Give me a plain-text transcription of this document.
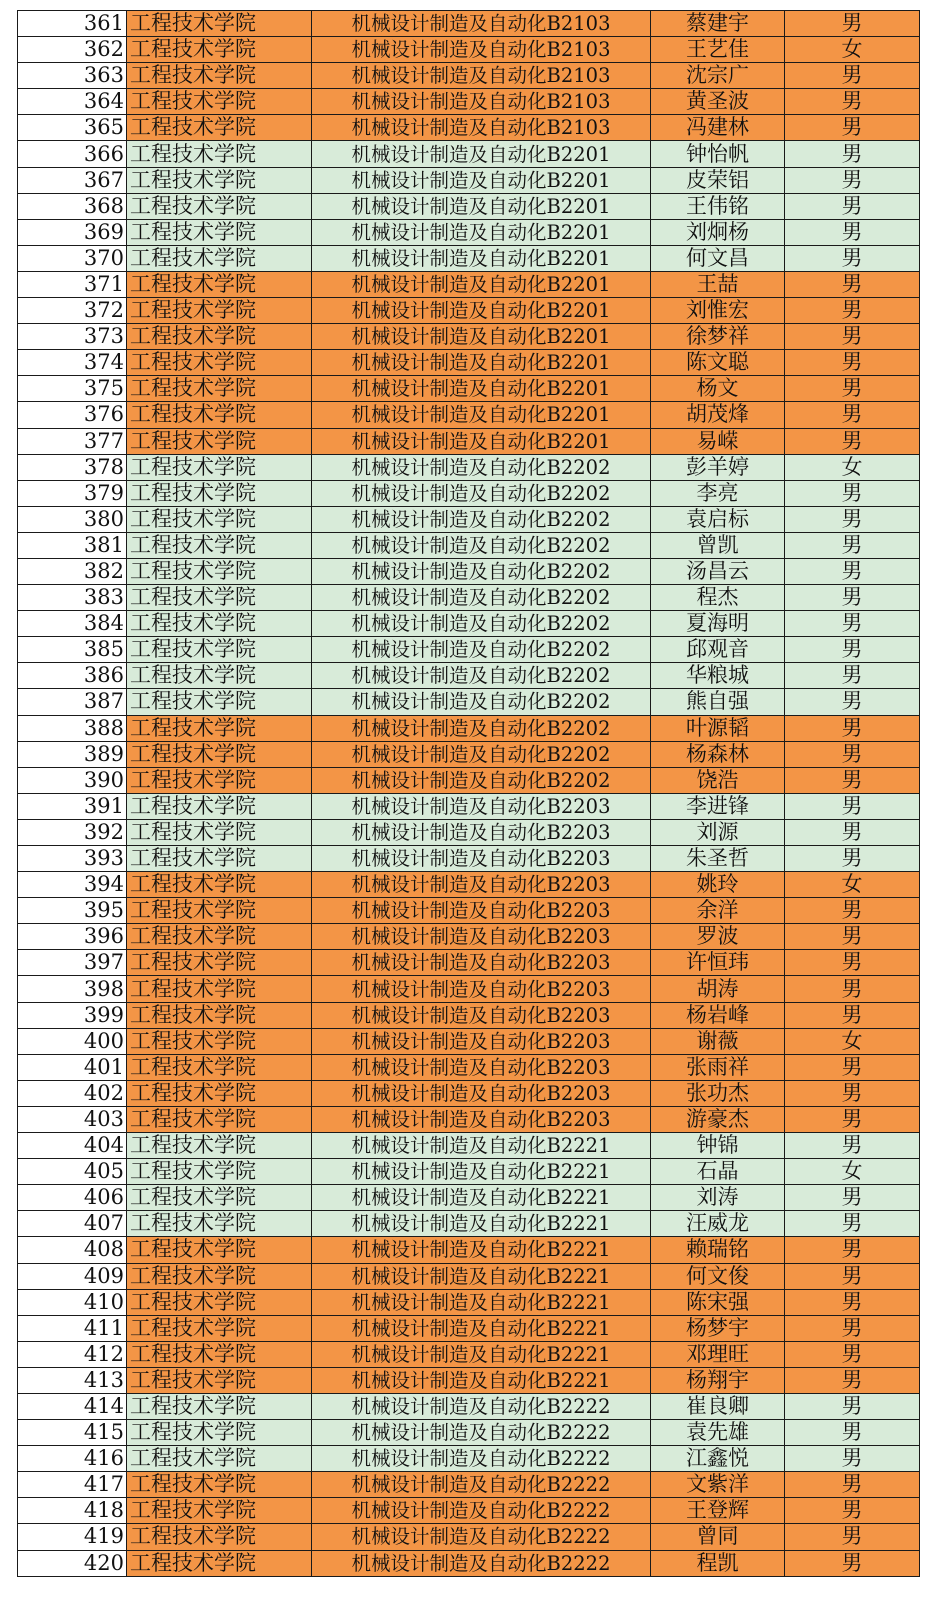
361	工程技术学院	机械设计制造及自动化B2103	蔡建宇	男
362	工程技术学院	机械设计制造及自动化B2103	王艺佳	女
363	工程技术学院	机械设计制造及自动化B2103	沈宗广	男
364	工程技术学院	机械设计制造及自动化B2103	黄圣波	男
365	工程技术学院	机械设计制造及自动化B2103	冯建林	男
366	工程技术学院	机械设计制造及自动化B2201	钟怡帆	男
367	工程技术学院	机械设计制造及自动化B2201	皮荣铝	男
368	工程技术学院	机械设计制造及自动化B2201	王伟铭	男
369	工程技术学院	机械设计制造及自动化B2201	刘炯杨	男
370	工程技术学院	机械设计制造及自动化B2201	何文昌	男
371	工程技术学院	机械设计制造及自动化B2201	王喆	男
372	工程技术学院	机械设计制造及自动化B2201	刘惟宏	男
373	工程技术学院	机械设计制造及自动化B2201	徐梦祥	男
374	工程技术学院	机械设计制造及自动化B2201	陈文聪	男
375	工程技术学院	机械设计制造及自动化B2201	杨文	男
376	工程技术学院	机械设计制造及自动化B2201	胡茂烽	男
377	工程技术学院	机械设计制造及自动化B2201	易嵘	男
378	工程技术学院	机械设计制造及自动化B2202	彭羊婷	女
379	工程技术学院	机械设计制造及自动化B2202	李亮	男
380	工程技术学院	机械设计制造及自动化B2202	袁启标	男
381	工程技术学院	机械设计制造及自动化B2202	曾凯	男
382	工程技术学院	机械设计制造及自动化B2202	汤昌云	男
383	工程技术学院	机械设计制造及自动化B2202	程杰	男
384	工程技术学院	机械设计制造及自动化B2202	夏海明	男
385	工程技术学院	机械设计制造及自动化B2202	邱观音	男
386	工程技术学院	机械设计制造及自动化B2202	华粮城	男
387	工程技术学院	机械设计制造及自动化B2202	熊自强	男
388	工程技术学院	机械设计制造及自动化B2202	叶源韬	男
389	工程技术学院	机械设计制造及自动化B2202	杨森林	男
390	工程技术学院	机械设计制造及自动化B2202	饶浩	男
391	工程技术学院	机械设计制造及自动化B2203	李进锋	男
392	工程技术学院	机械设计制造及自动化B2203	刘源	男
393	工程技术学院	机械设计制造及自动化B2203	朱圣哲	男
394	工程技术学院	机械设计制造及自动化B2203	姚玲	女
395	工程技术学院	机械设计制造及自动化B2203	余洋	男
396	工程技术学院	机械设计制造及自动化B2203	罗波	男
397	工程技术学院	机械设计制造及自动化B2203	许恒玮	男
398	工程技术学院	机械设计制造及自动化B2203	胡涛	男
399	工程技术学院	机械设计制造及自动化B2203	杨岩峰	男
400	工程技术学院	机械设计制造及自动化B2203	谢薇	女
401	工程技术学院	机械设计制造及自动化B2203	张雨祥	男
402	工程技术学院	机械设计制造及自动化B2203	张功杰	男
403	工程技术学院	机械设计制造及自动化B2203	游豪杰	男
404	工程技术学院	机械设计制造及自动化B2221	钟锦	男
405	工程技术学院	机械设计制造及自动化B2221	石晶	女
406	工程技术学院	机械设计制造及自动化B2221	刘涛	男
407	工程技术学院	机械设计制造及自动化B2221	汪威龙	男
408	工程技术学院	机械设计制造及自动化B2221	赖瑞铭	男
409	工程技术学院	机械设计制造及自动化B2221	何文俊	男
410	工程技术学院	机械设计制造及自动化B2221	陈宋强	男
411	工程技术学院	机械设计制造及自动化B2221	杨梦宇	男
412	工程技术学院	机械设计制造及自动化B2221	邓理旺	男
413	工程技术学院	机械设计制造及自动化B2221	杨翔宇	男
414	工程技术学院	机械设计制造及自动化B2222	崔良卿	男
415	工程技术学院	机械设计制造及自动化B2222	袁先雄	男
416	工程技术学院	机械设计制造及自动化B2222	江鑫悦	男
417	工程技术学院	机械设计制造及自动化B2222	文紫洋	男
418	工程技术学院	机械设计制造及自动化B2222	王登辉	男
419	工程技术学院	机械设计制造及自动化B2222	曾同	男
420	工程技术学院	机械设计制造及自动化B2222	程凯	男
